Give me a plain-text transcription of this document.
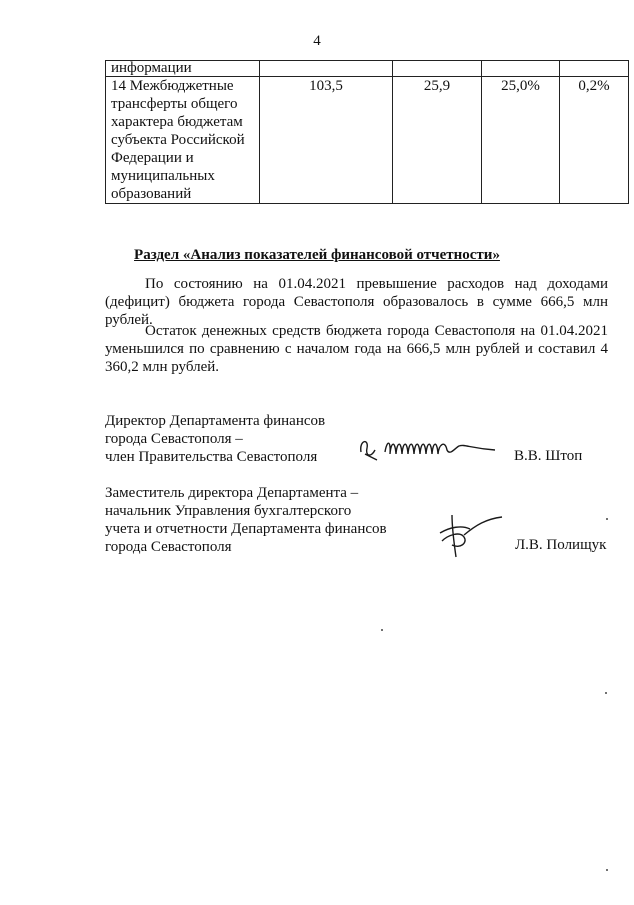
4
информации				
14 Межбюджетные трансферты общего характера бюджетам субъекта Российской Федерации и муниципальных образований	103,5	25,9	25,0%	0,2%
Раздел «Анализ показателей финансовой отчетности»

По состоянию на 01.04.2021 превышение расходов над доходами (дефицит) бюджета города Севастополя образовалось в сумме 666,5 млн рублей.

Остаток денежных средств бюджета города Севастополя на 01.04.2021 уменьшился по сравнению с началом года на 666,5 млн рублей и составил 4 360,2 млн рублей.

Директор Департамента финансов
города Севастополя –
член Правительства Севастополя	В.В. Штоп
Заместитель директора Департамента –
начальник Управления бухгалтерского
учета и отчетности Департамента финансов
города Севастополя	Л.В. Полищук
